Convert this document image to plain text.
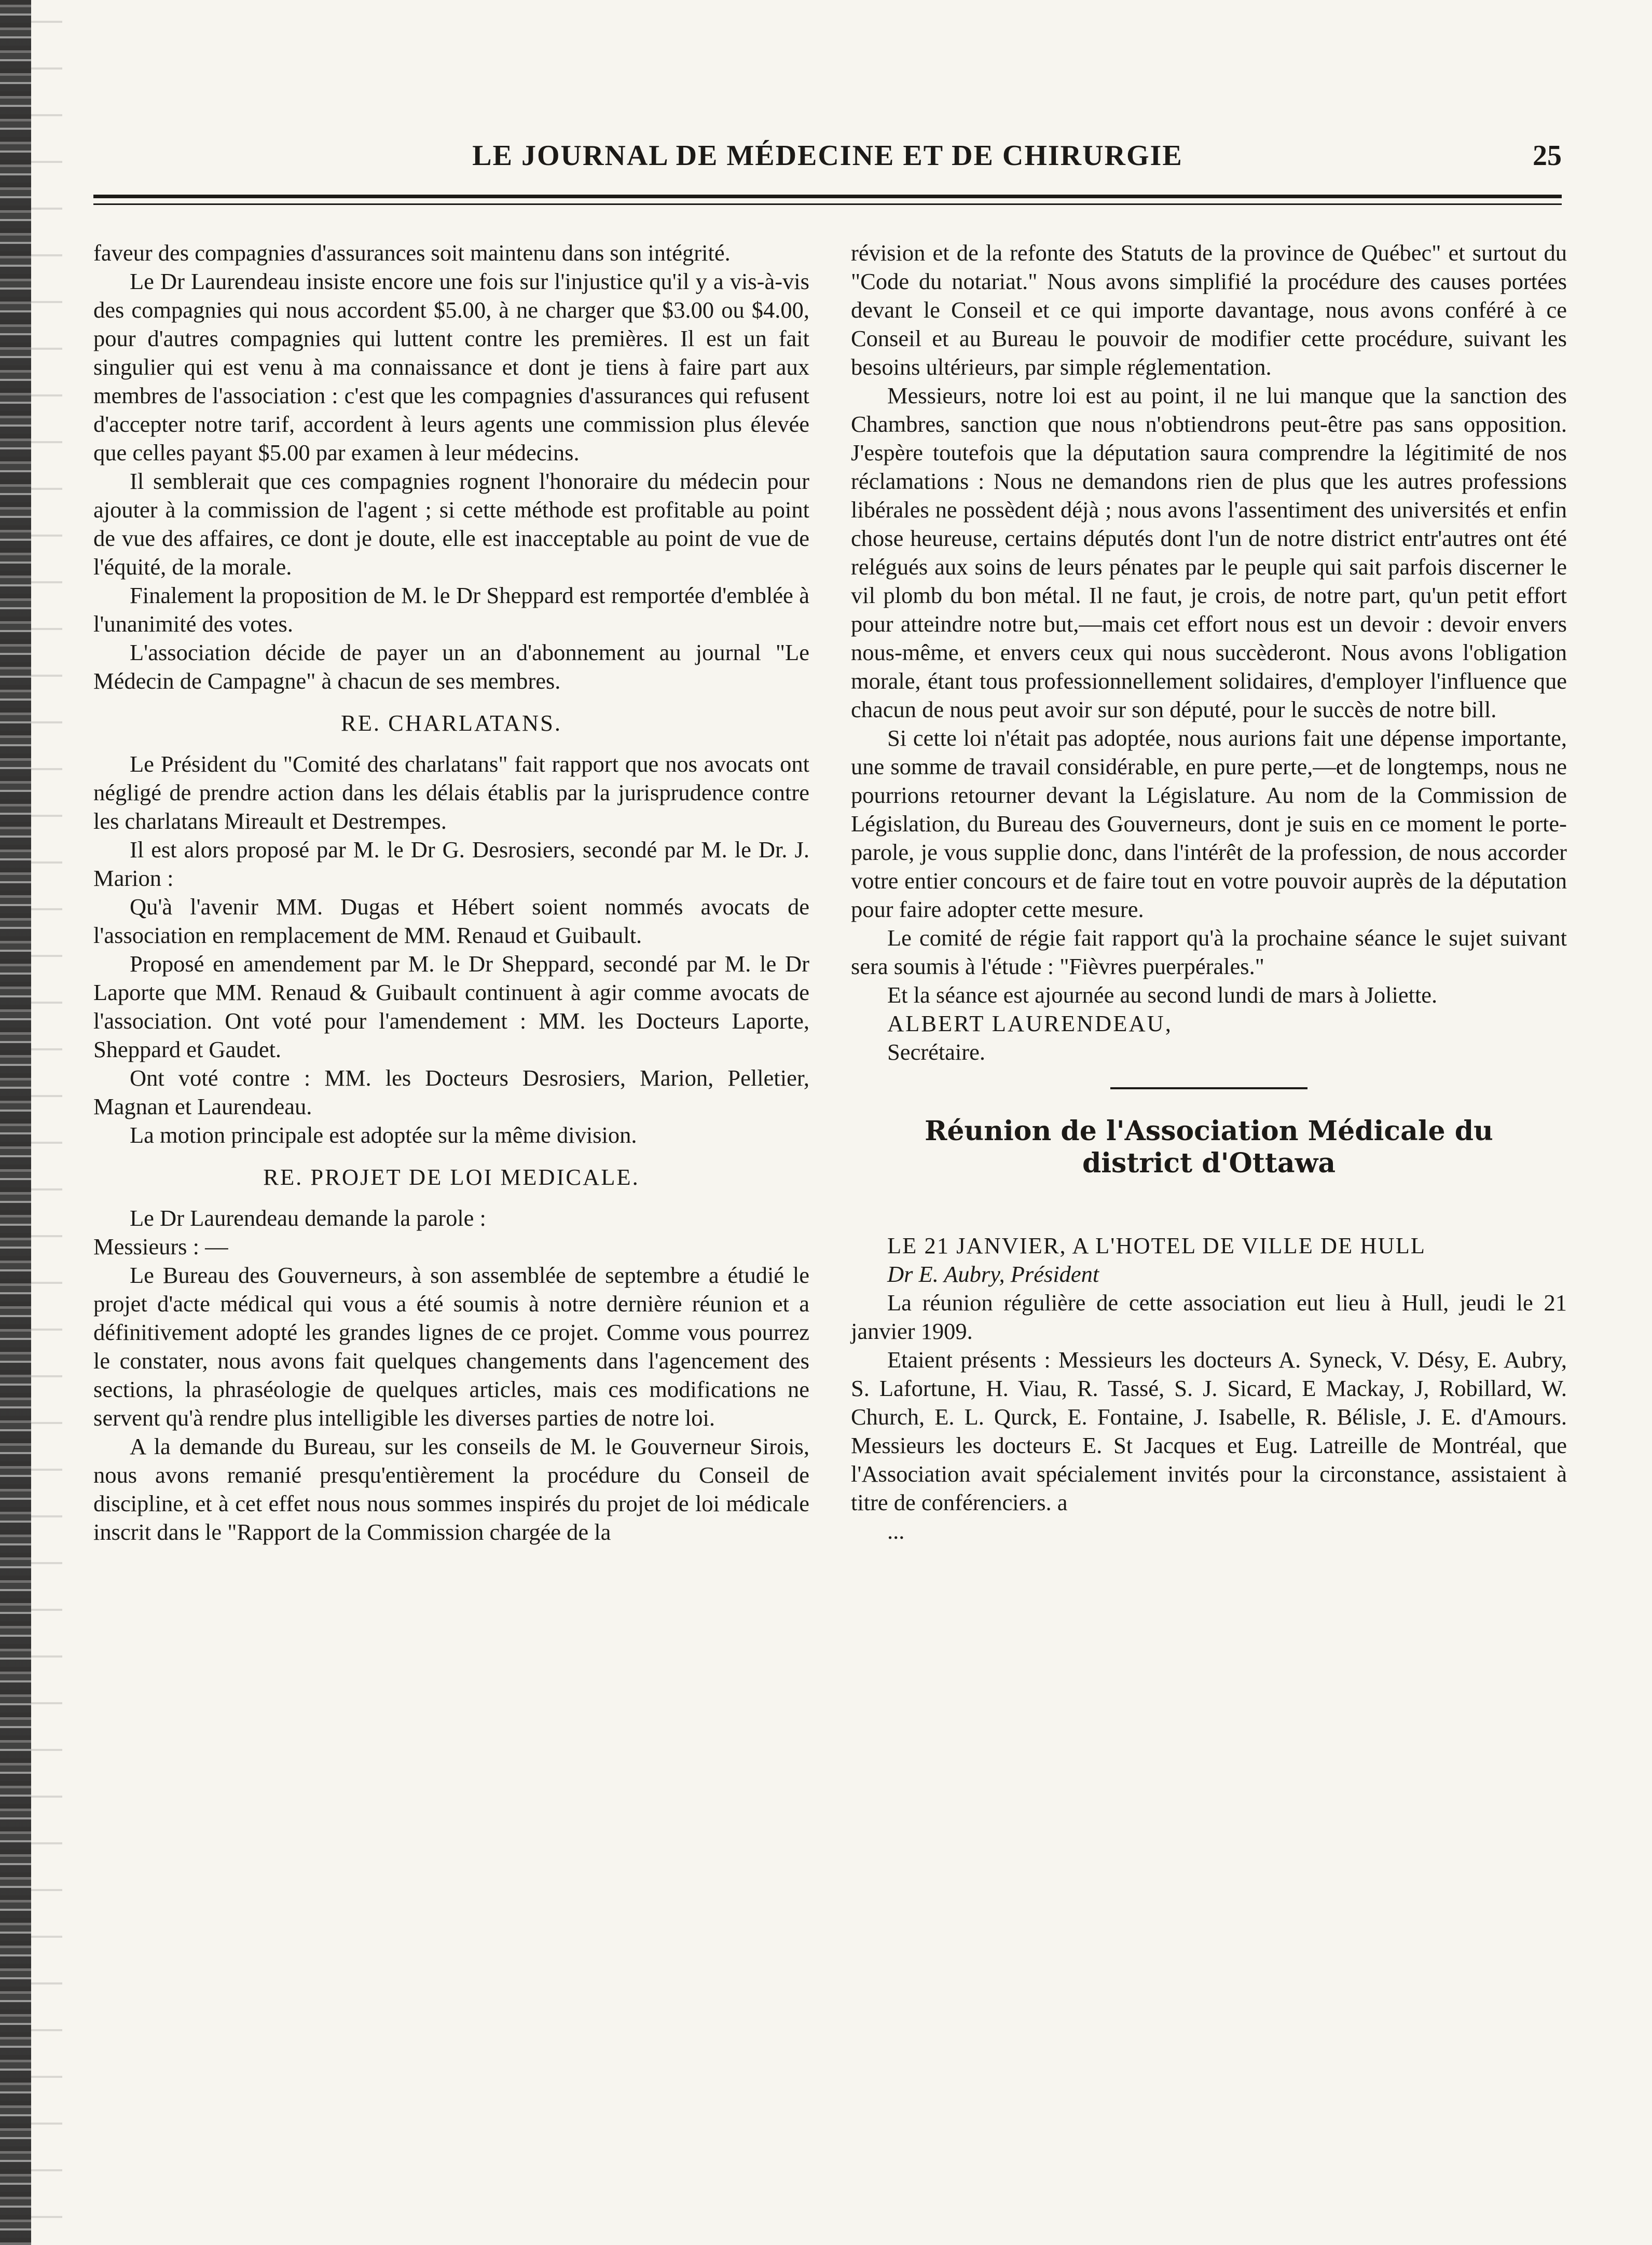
LE JOURNAL DE MÉDECINE ET DE CHIRURGIE	25

faveur des compagnies d'assurances soit maintenu dans son intégrité.

Le Dr Laurendeau insiste encore une fois sur l'injustice qu'il y a vis-à-vis des compagnies qui nous accordent $5.00, à ne charger que $3.00 ou $4.00, pour d'autres compagnies qui luttent contre les premières. Il est un fait singulier qui est venu à ma connaissance et dont je tiens à faire part aux membres de l'association : c'est que les compagnies d'assurances qui refusent d'accepter notre tarif, accordent à leurs agents une commission plus élevée que celles payant $5.00 par examen à leur médecins.

Il semblerait que ces compagnies rognent l'honoraire du médecin pour ajouter à la commission de l'agent ; si cette méthode est profitable au point de vue des affaires, ce dont je doute, elle est inacceptable au point de vue de l'équité, de la morale.

Finalement la proposition de M. le Dr Sheppard est remportée d'emblée à l'unanimité des votes.

L'association décide de payer un an d'abonnement au journal "Le Médecin de Campagne" à chacun de ses membres.

RE. CHARLATANS.

Le Président du "Comité des charlatans" fait rapport que nos avocats ont négligé de prendre action dans les délais établis par la jurisprudence contre les charlatans Mireault et Destrempes.

Il est alors proposé par M. le Dr G. Desrosiers, secondé par M. le Dr. J. Marion :

Qu'à l'avenir MM. Dugas et Hébert soient nommés avocats de l'association en remplacement de MM. Renaud et Guibault.

Proposé en amendement par M. le Dr Sheppard, secondé par M. le Dr Laporte que MM. Renaud & Guibault continuent à agir comme avocats de l'association. Ont voté pour l'amendement : MM. les Docteurs Laporte, Sheppard et Gaudet.

Ont voté contre : MM. les Docteurs Desrosiers, Marion, Pelletier, Magnan et Laurendeau.

La motion principale est adoptée sur la même division.

RE. PROJET DE LOI MEDICALE.

Le Dr Laurendeau demande la parole :

Messieurs : —

Le Bureau des Gouverneurs, à son assemblée de septembre a étudié le projet d'acte médical qui vous a été soumis à notre dernière réunion et a définitivement adopté les grandes lignes de ce projet. Comme vous pourrez le constater, nous avons fait quelques changements dans l'agencement des sections, la phraséologie de quelques articles, mais ces modifications ne servent qu'à rendre plus intelligible les diverses parties de notre loi.

A la demande du Bureau, sur les conseils de M. le Gouverneur Sirois, nous avons remanié presqu'entièrement la procédure du Conseil de discipline, et à cet effet nous nous sommes inspirés du projet de loi médicale inscrit dans le "Rapport de la Commission chargée de la

révision et de la refonte des Statuts de la province de Québec" et surtout du "Code du notariat." Nous avons simplifié la procédure des causes portées devant le Conseil et ce qui importe davantage, nous avons conféré à ce Conseil et au Bureau le pouvoir de modifier cette procédure, suivant les besoins ultérieurs, par simple réglementation.

Messieurs, notre loi est au point, il ne lui manque que la sanction des Chambres, sanction que nous n'obtiendrons peut-être pas sans opposition. J'espère toutefois que la députation saura comprendre la légitimité de nos réclamations : Nous ne demandons rien de plus que les autres professions libérales ne possèdent déjà ; nous avons l'assentiment des universités et enfin chose heureuse, certains députés dont l'un de notre district entr'autres ont été relégués aux soins de leurs pénates par le peuple qui sait parfois discerner le vil plomb du bon métal. Il ne faut, je crois, de notre part, qu'un petit effort pour atteindre notre but,—mais cet effort nous est un devoir : devoir envers nous-même, et envers ceux qui nous succèderont. Nous avons l'obligation morale, étant tous professionnellement solidaires, d'employer l'influence que chacun de nous peut avoir sur son député, pour le succès de notre bill.

Si cette loi n'était pas adoptée, nous aurions fait une dépense importante, une somme de travail considérable, en pure perte,—et de longtemps, nous ne pourrions retourner devant la Législature. Au nom de la Commission de Législation, du Bureau des Gouverneurs, dont je suis en ce moment le porte-parole, je vous supplie donc, dans l'intérêt de la profession, de nous accorder votre entier concours et de faire tout en votre pouvoir auprès de la députation pour faire adopter cette mesure.

Le comité de régie fait rapport qu'à la prochaine séance le sujet suivant sera soumis à l'étude : "Fièvres puerpérales."

Et la séance est ajournée au second lundi de mars à Joliette.

ALBERT LAURENDEAU,

Secrétaire.

Réunion de l'Association Médicale du
district d'Ottawa

LE 21 JANVIER, A L'HOTEL DE VILLE DE HULL

Dr E. Aubry, Président

La réunion régulière de cette association eut lieu à Hull, jeudi le 21 janvier 1909.

Etaient présents : Messieurs les docteurs A. Syneck, V. Désy, E. Aubry, S. Lafortune, H. Viau, R. Tassé, S. J. Sicard, E Mackay, J, Robillard, W. Church, E. L. Qurck, E. Fontaine, J. Isabelle, R. Bélisle, J. E. d'Amours. Messieurs les docteurs E. St Jacques et Eug. Latreille de Montréal, que l'Association avait spécialement invités pour la circonstance, assistaient à titre de conférenciers. a

...
